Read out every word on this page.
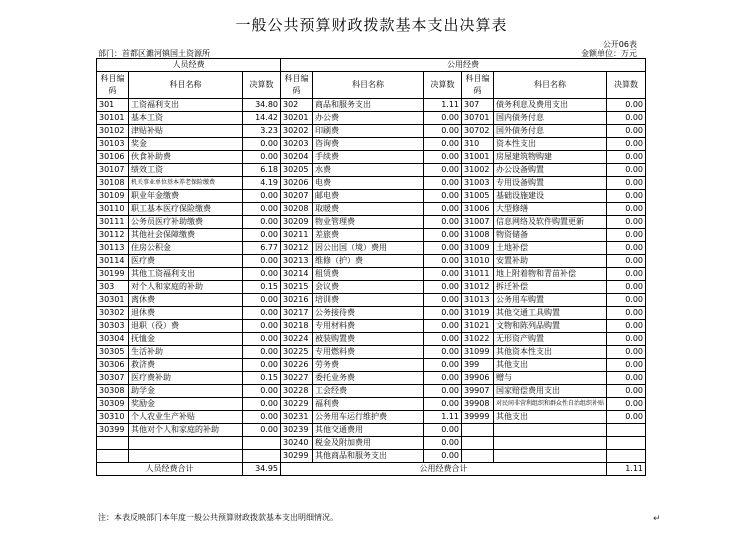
一般公共预算财政拨款基本支出决算表
公开06表
部门：首都区濉河镇国土资源所	金额单位：万元
人员经费			公用经费					
科目编码	科目名称	决算数	科目编码	科目名称	决算数	科目编码	科目名称	决算数
301	工资福利支出	34.80	302	商品和服务支出	1.11	307	债务利息及费用支出	0.00
30101	基本工资	14.42	30201	办公费	0.00	30701	国内债务付息	0.00
30102	津贴补贴	3.23	30202	印刷费	0.00	30702	国外债务付息	0.00
30103	奖金	0.00	30203	咨询费	0.00	310	资本性支出	0.00
30106	伙食补助费	0.00	30204	手续费	0.00	31001	房屋建筑物购建	0.00
30107	绩效工资	6.18	30205	水费	0.00	31002	办公设备购置	0.00
30108	机关事业单位基本养老保险缴费	4.19	30206	电费	0.00	31003	专用设备购置	0.00
30109	职业年金缴费	0.00	30207	邮电费	0.00	31005	基础设施建设	0.00
30110	职工基本医疗保险缴费	0.00	30208	取暖费	0.00	31006	大型修缮	0.00
30111	公务员医疗补助缴费	0.00	30209	物业管理费	0.00	31007	信息网络及软件购置更新	0.00
30112	其他社会保障缴费	0.00	30211	差旅费	0.00	31008	物资储备	0.00
30113	住房公积金	6.77	30212	因公出国（境）费用	0.00	31009	土地补偿	0.00
30114	医疗费	0.00	30213	维修（护）费	0.00	31010	安置补助	0.00
30199	其他工资福利支出	0.00	30214	租赁费	0.00	31011	地上附着物和青苗补偿	0.00
303	对个人和家庭的补助	0.15	30215	会议费	0.00	31012	拆迁补偿	0.00
30301	离休费	0.00	30216	培训费	0.00	31013	公务用车购置	0.00
30302	退休费	0.00	30217	公务接待费	0.00	31019	其他交通工具购置	0.00
30303	退职（役）费	0.00	30218	专用材料费	0.00	31021	文物和陈列品购置	0.00
30304	抚恤金	0.00	30224	被装购置费	0.00	31022	无形资产购置	0.00
30305	生活补助	0.00	30225	专用燃料费	0.00	31099	其他资本性支出	0.00
30306	救济费	0.00	30226	劳务费	0.00	399	其他支出	0.00
30307	医疗费补助	0.15	30227	委托业务费	0.00	39906	赠与	0.00
30308	助学金	0.00	30228	工会经费	0.00	39907	国家赔偿费用支出	0.00
30309	奖励金	0.00	30229	福利费	0.00	39908	对民间非营利组织和群众性自治组织补贴	0.00
30310	个人农业生产补贴	0.00	30231	公务用车运行维护费	1.11	39999	其他支出	0.00
30399	其他对个人和家庭的补助	0.00	30239	其他交通费用	0.00			
			30240	税金及附加费用	0.00			
			30299	其他商品和服务支出	0.00			
人员经费合计		34.95	公用经费合计					1.11
注：本表反映部门本年度一般公共预算财政拨款基本支出明细情况。	↵
